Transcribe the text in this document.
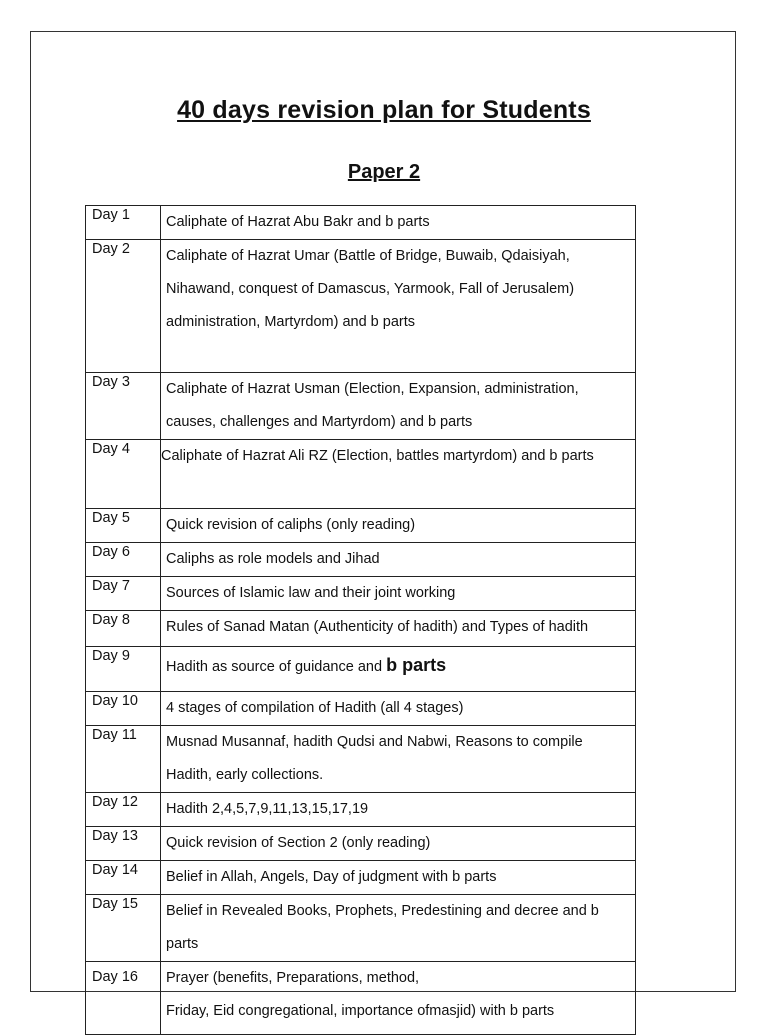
40 days revision plan for Students
Paper 2
Day 1	Caliphate of Hazrat Abu Bakr and b parts

Day 2	Caliphate of Hazrat Umar (Battle of Bridge, Buwaib, Qdaisiyah,
Nihawand, conquest of Damascus, Yarmook, Fall of Jerusalem)
administration, Martyrdom) and b parts

Day 3	Caliphate of Hazrat Usman (Election, Expansion, administration,
causes, challenges and Martyrdom) and b parts

Day 4	Caliphate of Hazrat Ali RZ (Election, battles martyrdom) and b parts

Day 5	Quick revision of caliphs (only reading)

Day 6	Caliphs as role models and Jihad

Day 7	Sources of Islamic law and their joint working

Day 8	Rules of Sanad Matan (Authenticity of hadith) and Types of hadith

Day 9	Hadith as source of guidance and b parts
Day 10	4 stages of compilation of Hadith (all 4 stages)

Day 11	Musnad Musannaf, hadith Qudsi and Nabwi, Reasons to compile
Hadith, early collections.

Day 12	Hadith 2,4,5,7,9,11,13,15,17,19

Day 13	Quick revision of Section 2 (only reading)

Day 14	Belief in Allah, Angels, Day of judgment with b parts

Day 15	Belief in Revealed Books, Prophets, Predestining and decree and b
parts

Day 16	Prayer (benefits, Preparations, method,
Friday, Eid congregational, importance ofmasjid) with b parts
